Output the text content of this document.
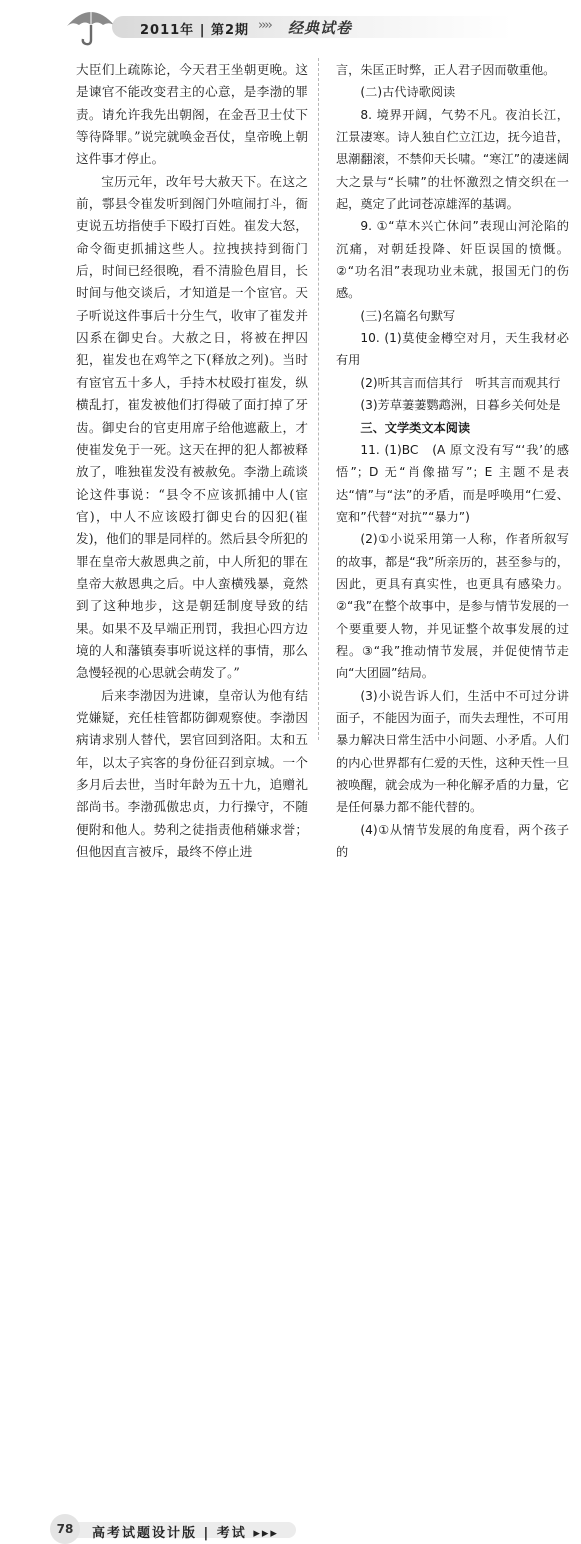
2011年 | 第2期 ›››› 经典试卷

大臣们上疏陈论，今天君王坐朝更晚。这是谏官不能改变君主的心意，是李渤的罪责。请允许我先出朝阁，在金吾卫士仗下等待降罪。”说完就唤金吾仗，皇帝晚上朝这件事才停止。

宝历元年，改年号大赦天下。在这之前，鄠县令崔发听到阁门外喧闹打斗，衙吏说五坊指使手下殴打百姓。崔发大怒，命令衙吏抓捕这些人。拉拽挟持到衙门后，时间已经很晚，看不清脸色眉目，长时间与他交谈后，才知道是一个宦官。天子听说这件事后十分生气，收审了崔发并囚系在御史台。大赦之日，将被在押囚犯，崔发也在鸡竿之下(释放之列)。当时有宦官五十多人，手持木杖殴打崔发，纵横乱打，崔发被他们打得破了面打掉了牙齿。御史台的官吏用席子给他遮蔽上，才使崔发免于一死。这天在押的犯人都被释放了，唯独崔发没有被赦免。李渤上疏谈论这件事说：“县令不应该抓捕中人(宦官)，中人不应该殴打御史台的囚犯(崔发)，他们的罪是同样的。然后县令所犯的罪在皇帝大赦恩典之前，中人所犯的罪在皇帝大赦恩典之后。中人蛮横残暴，竟然到了这种地步，这是朝廷制度导致的结果。如果不及早端正刑罚，我担心四方边境的人和藩镇奏事听说这样的事情，那么急慢轻视的心思就会萌发了。”

后来李渤因为进谏，皇帝认为他有结党嫌疑，充任桂管都防御观察使。李渤因病请求别人替代，罢官回到洛阳。太和五年，以太子宾客的身份征召到京城。一个多月后去世，当时年龄为五十九，追赠礼部尚书。李渤孤傲忠贞，力行操守，不随便附和他人。势利之徒指责他稍嫌求誉；但他因直言被斥，最终不停止进

言，朱匡正时弊，正人君子因而敬重他。

(二)古代诗歌阅读

8. 境界开阔，气势不凡。夜泊长江，江景凄寒。诗人独自伫立江边，抚今追昔，思潮翻滚，不禁仰天长啸。“寒江”的凄迷阔大之景与“长啸”的壮怀激烈之情交织在一起，奠定了此词苍凉雄浑的基调。

9. ①“草木兴亡休问”表现山河沦陷的沉痛，对朝廷投降、奸臣误国的愤慨。②“功名泪”表现功业未就，报国无门的伤感。

(三)名篇名句默写

10. (1)莫使金樽空对月，天生我材必有用

(2)听其言而信其行　听其言而观其行

(3)芳草萋萋鹦鹉洲，日暮乡关何处是

三、文学类文本阅读

11. (1)BC　(A 原文没有写“‘我’的感悟”；D 无“肖像描写”；E 主题不是表达“情”与“法”的矛盾，而是呼唤用“仁爱、宽和”代替“对抗”“暴力”)

(2)①小说采用第一人称，作者所叙写的故事，都是“我”所亲历的，甚至参与的，因此，更具有真实性，也更具有感染力。②“我”在整个故事中，是参与情节发展的一个要重要人物，并见证整个故事发展的过程。③“我”推动情节发展，并促使情节走向“大团圆”结局。

(3)小说告诉人们，生活中不可过分讲面子，不能因为面子，而失去理性，不可用暴力解决日常生活中小问题、小矛盾。人们的内心世界都有仁爱的天性，这种天性一旦被唤醒，就会成为一种化解矛盾的力量，它是任何暴力都不能代替的。

(4)①从情节发展的角度看，两个孩子的

78	高考试题设计版 | 考试 ▸▸▸
